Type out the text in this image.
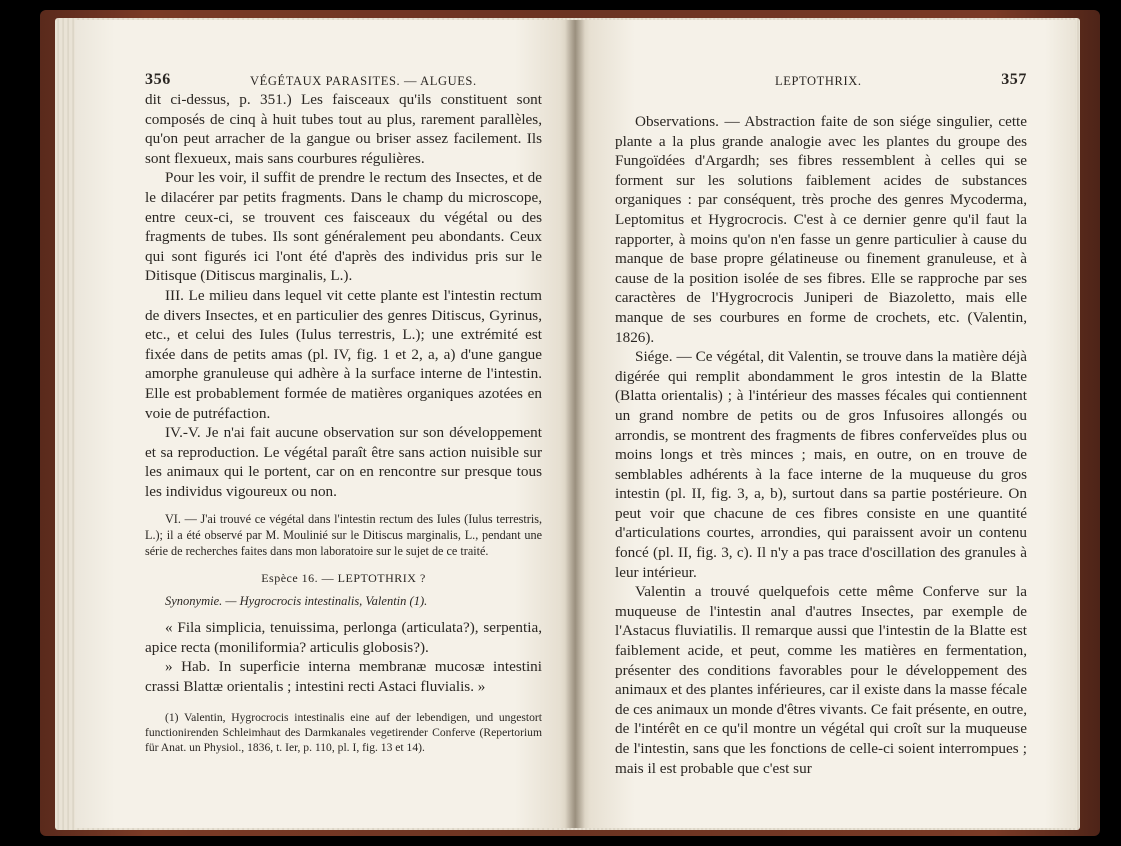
356	VÉGÉTAUX PARASITES. — ALGUES.

dit ci-dessus, p. 351.) Les faisceaux qu'ils constituent sont composés de cinq à huit tubes tout au plus, rarement parallèles, qu'on peut arracher de la gangue ou briser assez facilement. Ils sont flexueux, mais sans courbures régulières.

Pour les voir, il suffit de prendre le rectum des Insectes, et de le dilacérer par petits fragments. Dans le champ du microscope, entre ceux-ci, se trouvent ces faisceaux du végétal ou des fragments de tubes. Ils sont généralement peu abondants. Ceux qui sont figurés ici l'ont été d'après des individus pris sur le Ditisque (Ditiscus marginalis, L.).

III. Le milieu dans lequel vit cette plante est l'intestin rectum de divers Insectes, et en particulier des genres Ditiscus, Gyrinus, etc., et celui des Iules (Iulus terrestris, L.); une extrémité est fixée dans de petits amas (pl. IV, fig. 1 et 2, a, a) d'une gangue amorphe granuleuse qui adhère à la surface interne de l'intestin. Elle est probablement formée de matières organiques azotées en voie de putréfaction.

IV.-V. Je n'ai fait aucune observation sur son développement et sa reproduction. Le végétal paraît être sans action nuisible sur les animaux qui le portent, car on en rencontre sur presque tous les individus vigoureux ou non.

VI. — J'ai trouvé ce végétal dans l'intestin rectum des Iules (Iulus terrestris, L.); il a été observé par M. Moulinié sur le Ditiscus marginalis, L., pendant une série de recherches faites dans mon laboratoire sur le sujet de ce traité.

Espèce 16. — LEPTOTHRIX ?

Synonymie. — Hygrocrocis intestinalis, Valentin (1).

« Fila simplicia, tenuissima, perlonga (articulata?), serpentia, apice recta (moniliformia? articulis globosis?).

» Hab. In superficie interna membranæ mucosæ intestini crassi Blattæ orientalis ; intestini recti Astaci fluvialis. »

(1) Valentin, Hygrocrocis intestinalis eine auf der lebendigen, und ungestort functionirenden Schleimhaut des Darmkanales vegetirender Conferve (Repertorium für Anat. un Physiol., 1836, t. Ier, p. 110, pl. I, fig. 13 et 14).

LEPTOTHRIX.	357

Observations. — Abstraction faite de son siége singulier, cette plante a la plus grande analogie avec les plantes du groupe des Fungoïdées d'Argardh; ses fibres ressemblent à celles qui se forment sur les solutions faiblement acides de substances organiques : par conséquent, très proche des genres Mycoderma, Leptomitus et Hygrocrocis. C'est à ce dernier genre qu'il faut la rapporter, à moins qu'on n'en fasse un genre particulier à cause du manque de base propre gélatineuse ou finement granuleuse, et à cause de la position isolée de ses fibres. Elle se rapproche par ses caractères de l'Hygrocrocis Juniperi de Biazoletto, mais elle manque de ses courbures en forme de crochets, etc. (Valentin, 1826).

Siége. — Ce végétal, dit Valentin, se trouve dans la matière déjà digérée qui remplit abondamment le gros intestin de la Blatte (Blatta orientalis) ; à l'intérieur des masses fécales qui contiennent un grand nombre de petits ou de gros Infusoires allongés ou arrondis, se montrent des fragments de fibres conferveïdes plus ou moins longs et très minces ; mais, en outre, on en trouve de semblables adhérents à la face interne de la muqueuse du gros intestin (pl. II, fig. 3, a, b), surtout dans sa partie postérieure. On peut voir que chacune de ces fibres consiste en une quantité d'articulations courtes, arrondies, qui paraissent avoir un contenu foncé (pl. II, fig. 3, c). Il n'y a pas trace d'oscillation des granules à leur intérieur.

Valentin a trouvé quelquefois cette même Conferve sur la muqueuse de l'intestin anal d'autres Insectes, par exemple de l'Astacus fluviatilis. Il remarque aussi que l'intestin de la Blatte est faiblement acide, et peut, comme les matières en fermentation, présenter des conditions favorables pour le développement des animaux et des plantes inférieures, car il existe dans la masse fécale de ces animaux un monde d'êtres vivants. Ce fait présente, en outre, de l'intérêt en ce qu'il montre un végétal qui croît sur la muqueuse de l'intestin, sans que les fonctions de celle-ci soient interrompues ; mais il est probable que c'est sur
